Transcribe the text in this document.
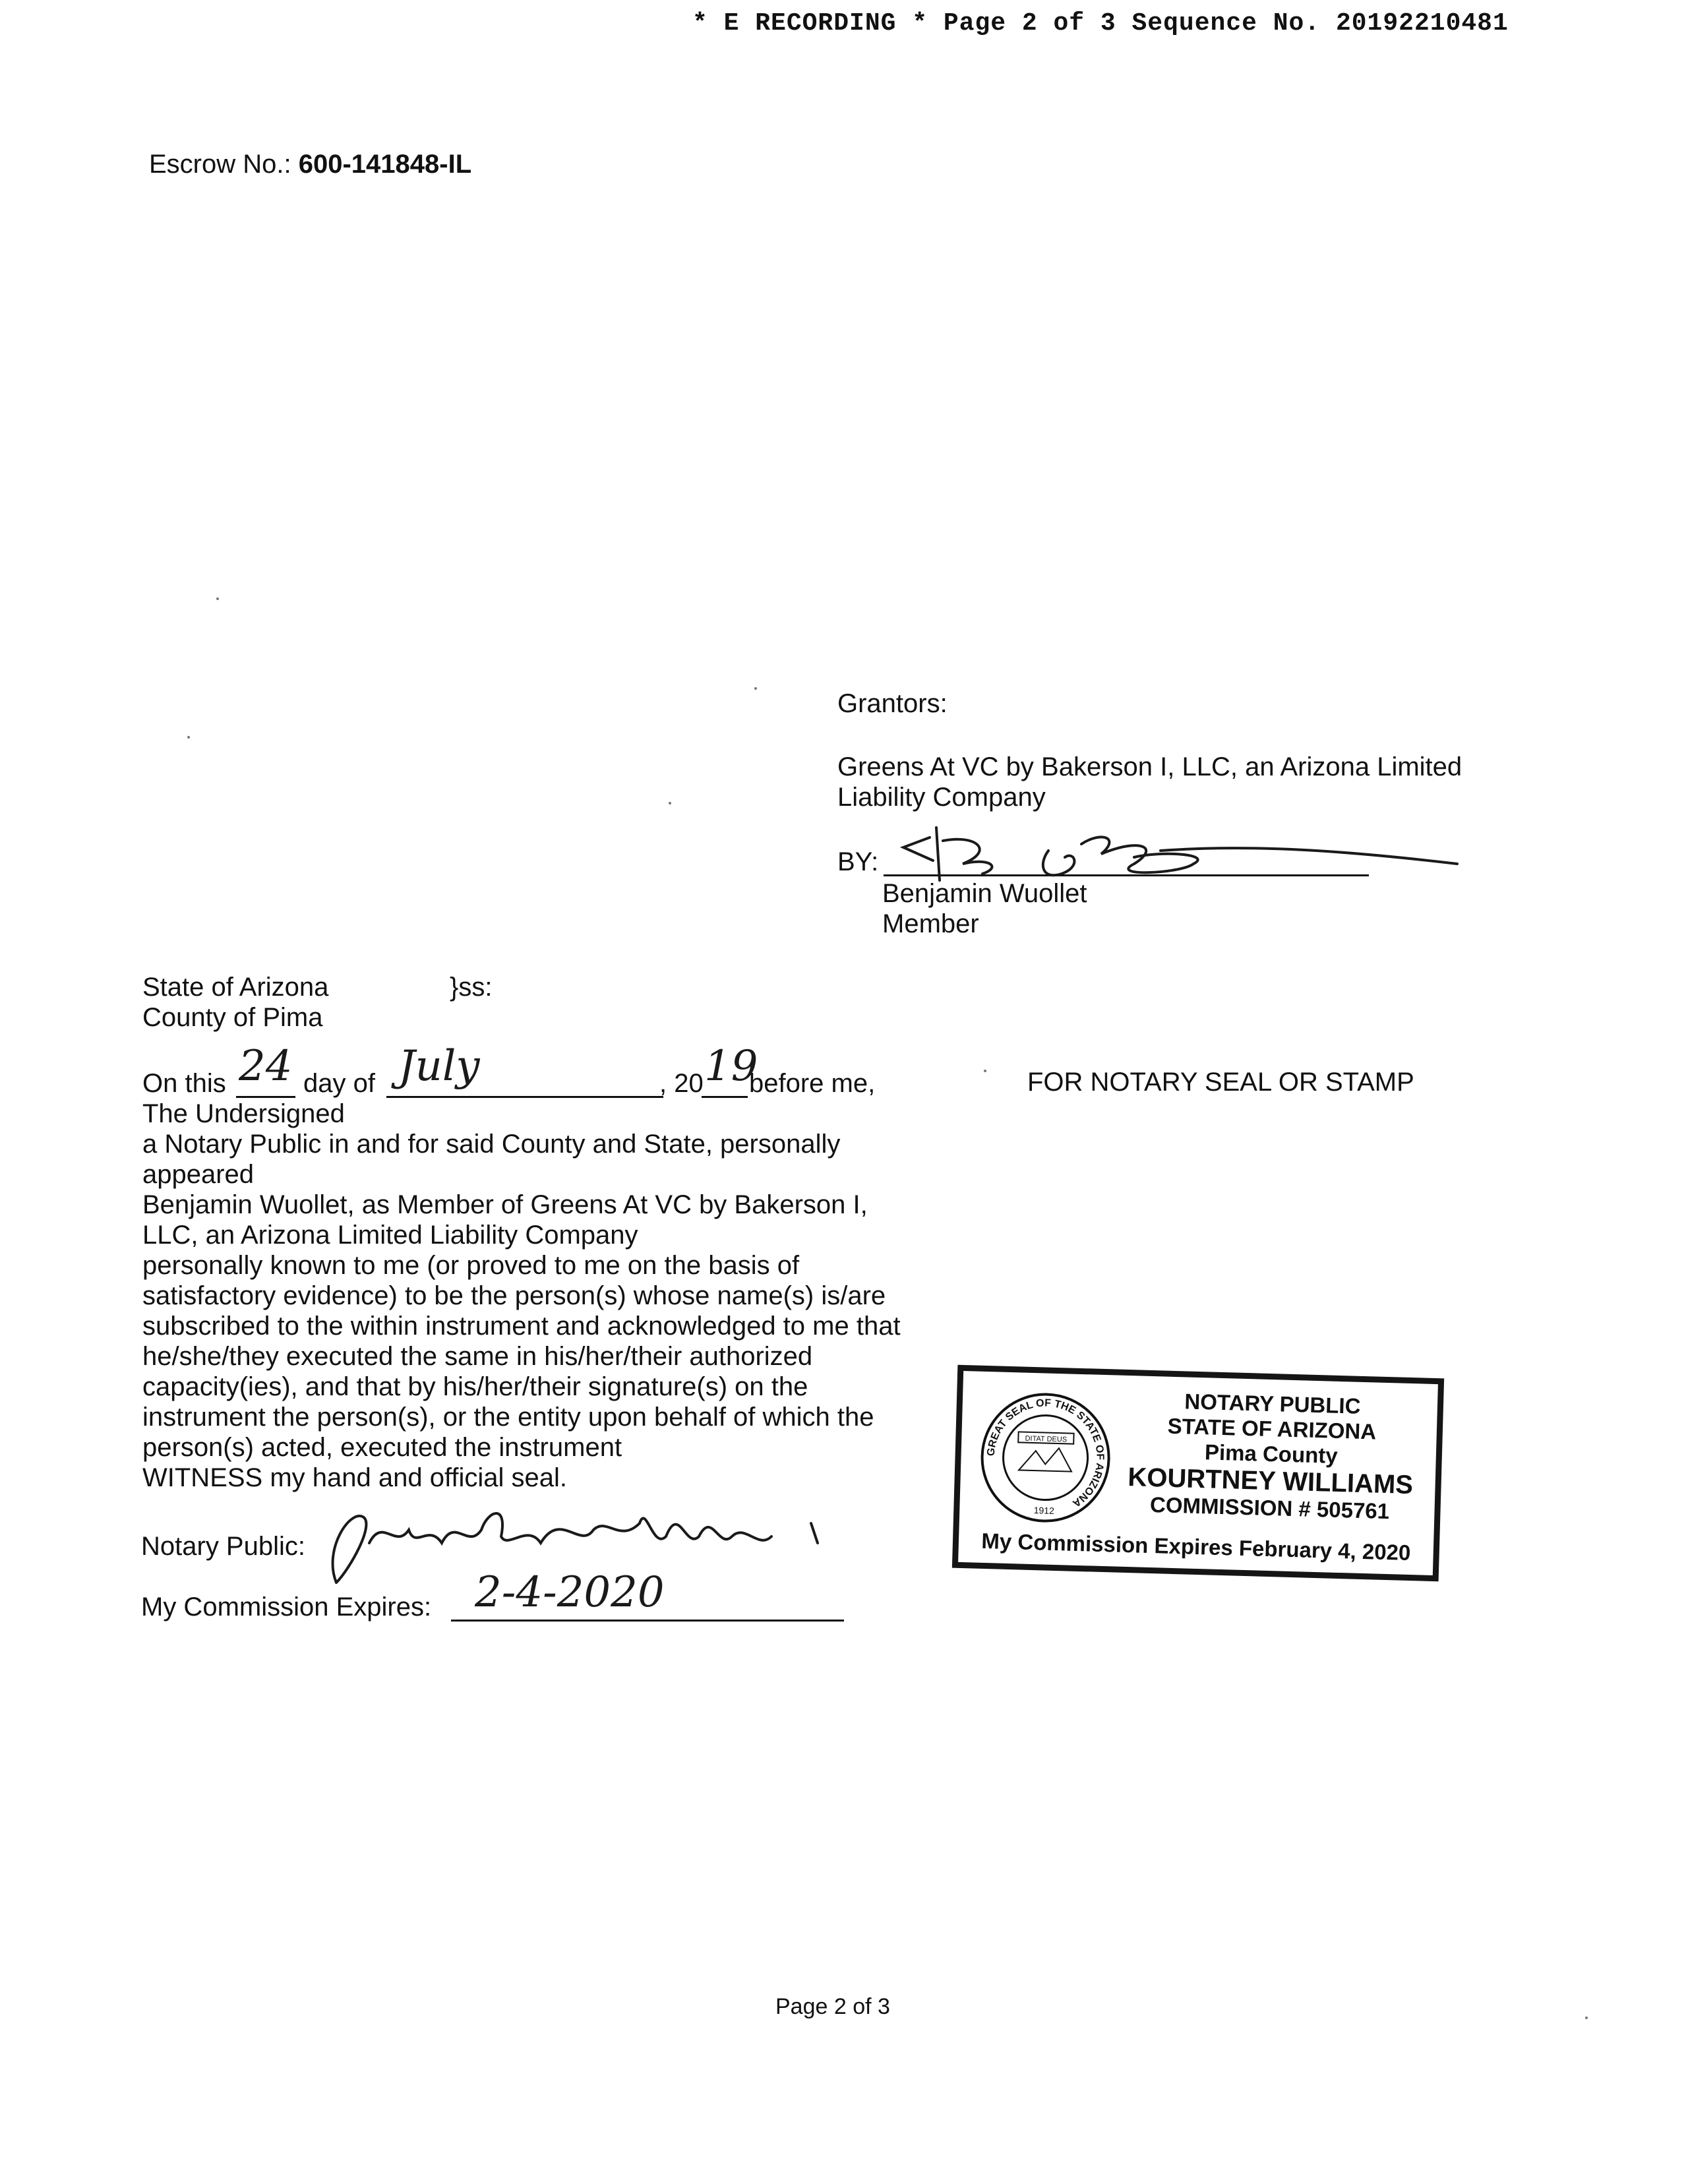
* E RECORDING * Page 2 of 3 Sequence No. 20192210481
Escrow No.: 600-141848-IL
Grantors:
Greens At VC by Bakerson I, LLC, an Arizona Limited
Liability Company
BY:
Benjamin Wuollet
Member
State of Arizona	}ss:
County of Pima
On this 24 day of July	, 20 19
before me,	FOR NOTARY SEAL OR STAMP
The Undersigned
a Notary Public in and for said County and State, personally
appeared
Benjamin Wuollet, as Member of Greens At VC by Bakerson I,
LLC, an Arizona Limited Liability Company
personally known to me (or proved to me on the basis of
satisfactory evidence) to be the person(s) whose name(s) is/are
subscribed to the within instrument and acknowledged to me that
he/she/they executed the same in his/her/their authorized
capacity(ies), and that by his/her/their signature(s) on the
instrument the person(s), or the entity upon behalf of which the
person(s) acted, executed the instrument
WITNESS my hand and official seal.
Notary Public:
My Commission Expires: 2-4-2020
GREAT SEAL OF THE STATE OF ARIZONA
DITAT DEUS
1912
NOTARY PUBLIC
STATE OF ARIZONA
Pima County
KOURTNEY WILLIAMS
COMMISSION # 505761
My Commission Expires February 4, 2020
Page 2 of 3
